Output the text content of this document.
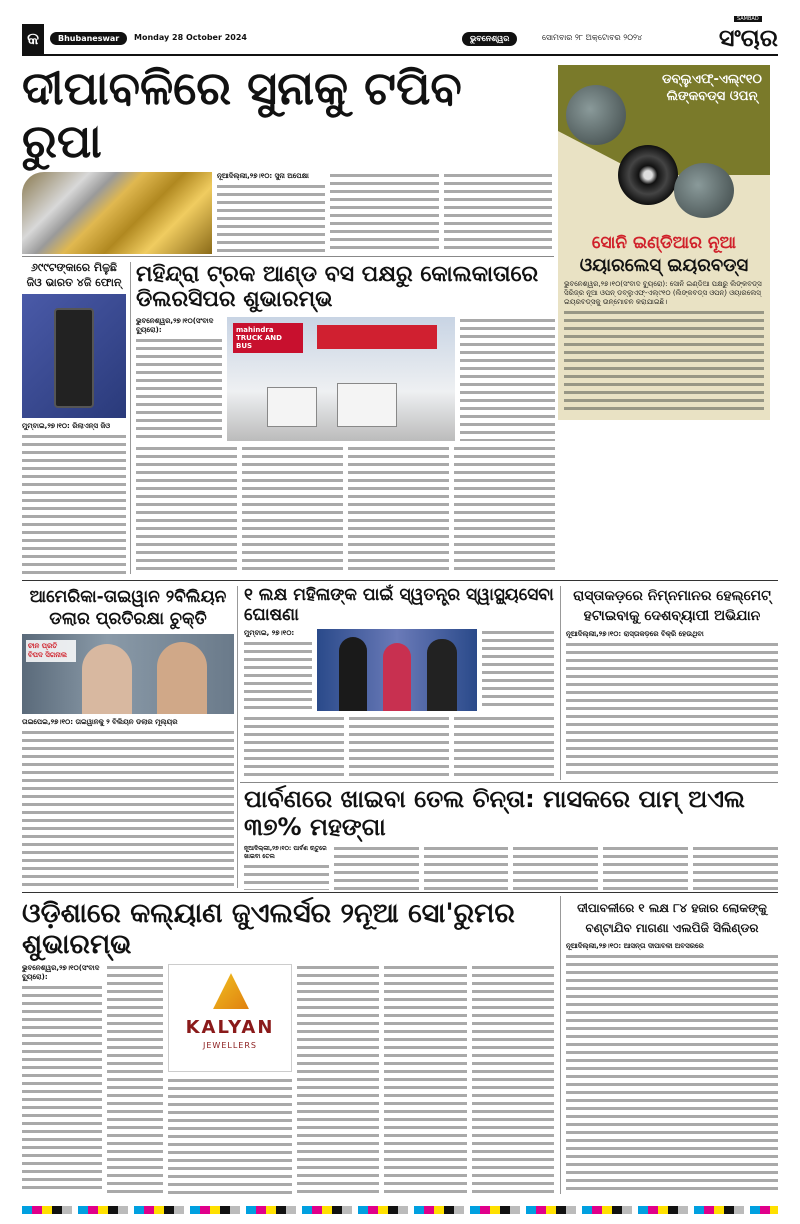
କ	Bhubaneswar	Monday 28 October 2024	ଭୁବନେଶ୍ୱର	ସୋମବାର ୨୮ ଅକ୍ଟୋବର ୨୦୨୪
SAMBAD
ସଂଚାର
ଦୀପାବଳିରେ ସୁନାକୁ ଟପିବ ରୁପା
ନୂଆଦିଲ୍ଲୀ,୨୭।୧୦: ସୁନା ଅପେକ୍ଷା
ଡବ୍ଲୁଏଫ୍-ଏଲ୍୯୧୦ ଲିଙ୍କବଡ୍ସ ଓପନ୍
ସୋନି ଇଣ୍ଡିଆର ନୂଆ
ଓୟାରଲେସ୍ ଇୟରବଡ୍ସ
ଭୁବନେଶ୍ୱର,୨୭।୧୦(ସଂବାଦ ବ୍ୟୁରୋ): ସୋନି ଇଣ୍ଡିଆ ପକ୍ଷରୁ ଲିଙ୍କବଡ୍ସ ସିରିଜ୍‌ର ନୂଆ ଓପନ୍ ଡବ୍ଲୁଏଫ୍-ଏଲ୍୯୧୦ (ଲିଙ୍କବଡ୍ସ ଓପନ୍) ଓୟାରଲେସ୍ ଇୟରବଡ୍ସକୁ ଉନ୍ମୋଚନ କରାଯାଇଛି।
୬୯୯ଟଙ୍କାରେ ମିଳୁଛି ଜିଓ ଭାରତ ୪ଜି ଫୋନ୍
ମୁମ୍ବାଇ,୨୭।୧୦: ରିଲାଏନ୍ସ ଜିଓ
ମହିନ୍ଦ୍ରା ଟ୍ରକ ଆଣ୍ଡ ବସ ପକ୍ଷରୁ କୋଲକାତାରେ ଡିଲରସିପର ଶୁଭାରମ୍ଭ
ଭୁବନେଶ୍ୱର,୨୭।୧୦(ସଂବାଦ ବ୍ୟୁରୋ):	mahindra TRUCK AND BUS
ଆମେରିକା-ତାଇୱାନ ୨ବିଲିୟନ ଡଲାର ପ୍ରତିରକ୍ଷା ଚୁକ୍ତି
ଚୀନ ପ୍ରତି ବିପଦ ସିଗନାଲ
ତାଇପେଇ,୨୭।୧୦: ତାଇୱାନକୁ ୨ ବିଲିୟନ ଡଲାର ମୂଲ୍ୟର
୧ ଲକ୍ଷ ମହିଳାଙ୍କ ପାଇଁ ସ୍ୱତନ୍ତ୍ର ସ୍ୱାସ୍ଥ୍ୟସେବା ଘୋଷଣା
ମୁମ୍ବାଇ, ୨୭।୧୦:
ରାସ୍ତାକଡ଼ରେ ନିମ୍ନମାନର ହେଲ୍‌ମେଟ୍ ହଟାଇବାକୁ ଦେଶବ୍ୟାପୀ ଅଭିଯାନ
ନୂଆଦିଲ୍ଲୀ,୨୭।୧୦: ରାସ୍ତାକଡ଼ରେ ବିକ୍ରି ହେଉଥିବା
ପାର୍ବଣରେ ଖାଇବା ତେଲ ଚିନ୍ତା: ମାସକରେ ପାମ୍ ଅଏଲ ୩୭% ମହଙ୍ଗା
ନୂଆଦିଲ୍ଲୀ,୨୭।୧୦: ପାର୍ବଣ ଋତୁରେ ଖାଇବା ତେଲ
ଓଡ଼ିଶାରେ କଲ୍ୟାଣ ଜୁଏଲର୍ସର ୨ନୂଆ ସୋ'ରୁମର ଶୁଭାରମ୍ଭ
ଭୁବନେଶ୍ୱର,୨୭।୧୦(ସଂବାଦ ବ୍ୟୁରୋ):
KALYAN
JEWELLERS
ଦୀପାବଳୀରେ ୧ ଲକ୍ଷ ୮୪ ହଜାର ଲୋକଙ୍କୁ ବଣ୍ଟାଯିବ ମାଗଣା ଏଲପିଜି ସିଲିଣ୍ଡର
ନୂଆଦିଲ୍ଲୀ,୨୭।୧୦: ଆସନ୍ତା ଦୀପାବଳୀ ଅବସରରେ
